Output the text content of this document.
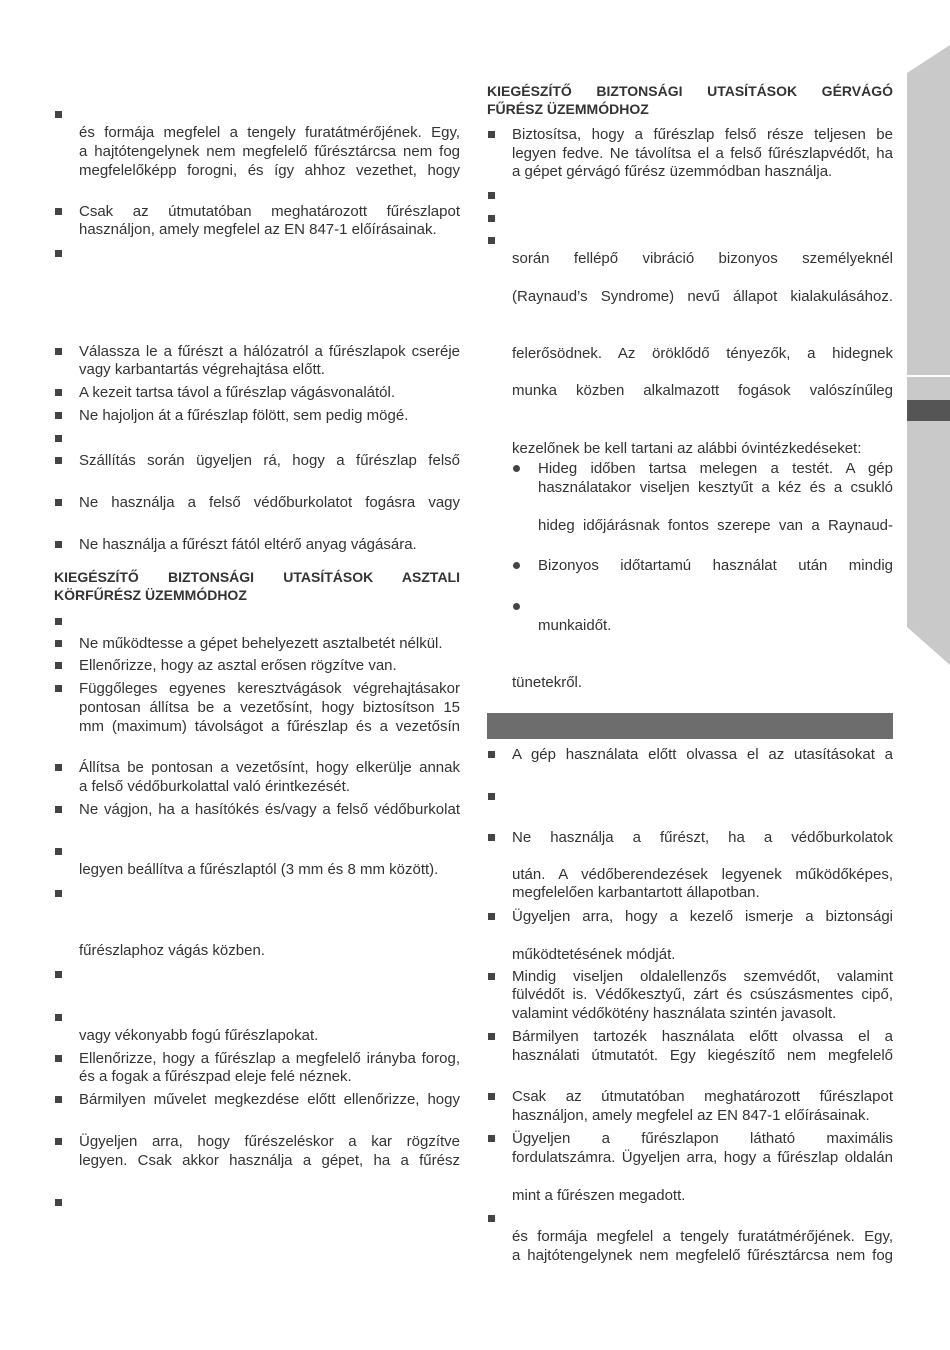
és formája megfelel a tengely furatátmérőjének. Egy,
a hajtótengelynek nem megfelelő fűrésztárcsa nem fog
megfelelőképp forogni, és így ahhoz vezethet, hogy
Csak az útmutatóban meghatározott fűrészlapot
használjon, amely megfelel az EN 847-1 előírásainak.
Válassza le a fűrészt a hálózatról a fűrészlapok cseréje
vagy karbantartás végrehajtása előtt.
A kezeit tartsa távol a fűrészlap vágásvonalától.
Ne hajoljon át a fűrészlap fölött, sem pedig mögé.
Szállítás során ügyeljen rá, hogy a fűrészlap felső
Ne használja a felső védőburkolatot fogásra vagy
Ne használja a fűrészt fától eltérő anyag vágására.
KIEGÉSZÍTŐ BIZTONSÁGI UTASÍTÁSOK ASZTALI
KÖRFŰRÉSZ ÜZEMMÓDHOZ
Ne működtesse a gépet behelyezett asztalbetét nélkül.
Ellenőrizze, hogy az asztal erősen rögzítve van.
Függőleges egyenes keresztvágások végrehajtásakor
pontosan állítsa be a vezetősínt, hogy biztosítson 15
mm (maximum) távolságot a fűrészlap és a vezetősín
Állítsa be pontosan a vezetősínt, hogy elkerülje annak
a felső védőburkolattal való érintkezését.
Ne vágjon, ha a hasítókés és/vagy a felső védőburkolat
legyen beállítva a fűrészlaptól (3 mm és 8 mm között).
fűrészlaphoz vágás közben.
vagy vékonyabb fogú fűrészlapokat.
Ellenőrizze, hogy a fűrészlap a megfelelő irányba forog,
és a fogak a fűrészpad eleje felé néznek.
Bármilyen művelet megkezdése előtt ellenőrizze, hogy
Ügyeljen arra, hogy fűrészeléskor a kar rögzítve
legyen. Csak akkor használja a gépet, ha a fűrész
KIEGÉSZÍTŐ BIZTONSÁGI UTASÍTÁSOK GÉRVÁGÓ
FŰRÉSZ ÜZEMMÓDHOZ
Biztosítsa, hogy a fűrészlap felső része teljesen be
legyen fedve. Ne távolítsa el a felső fűrészlapvédőt, ha
a gépet gérvágó fűrész üzemmódban használja.
során fellépő vibráció bizonyos személyeknél
(Raynaud’s Syndrome) nevű állapot kialakulásához.
felerősödnek. Az öröklődő tényezők, a hidegnek
munka közben alkalmazott fogások valószínűleg
kezelőnek be kell tartani az alábbi óvintézkedéseket:
Hideg időben tartsa melegen a testét. A gép
használatakor viseljen kesztyűt a kéz és a csukló
hideg időjárásnak fontos szerepe van a Raynaud-
Bizonyos időtartamú használat után mindig
munkaidőt.
tünetekről.
A gép használata előtt olvassa el az utasításokat a
Ne használja a fűrészt, ha a védőburkolatok
után. A védőberendezések legyenek működőképes,
megfelelően karbantartott állapotban.
Ügyeljen arra, hogy a kezelő ismerje a biztonsági
működtetésének módját.
Mindig viseljen oldalellenzős szemvédőt, valamint
fülvédőt is. Védőkesztyű, zárt és csúszásmentes cipő,
valamint védőkötény használata szintén javasolt.
Bármilyen tartozék használata előtt olvassa el a
használati útmutatót. Egy kiegészítő nem megfelelő
Csak az útmutatóban meghatározott fűrészlapot
használjon, amely megfelel az EN 847-1 előírásainak.
Ügyeljen a fűrészlapon látható maximális
fordulatszámra. Ügyeljen arra, hogy a fűrészlap oldalán
mint a fűrészen megadott.
és formája megfelel a tengely furatátmérőjének. Egy,
a hajtótengelynek nem megfelelő fűrésztárcsa nem fog
